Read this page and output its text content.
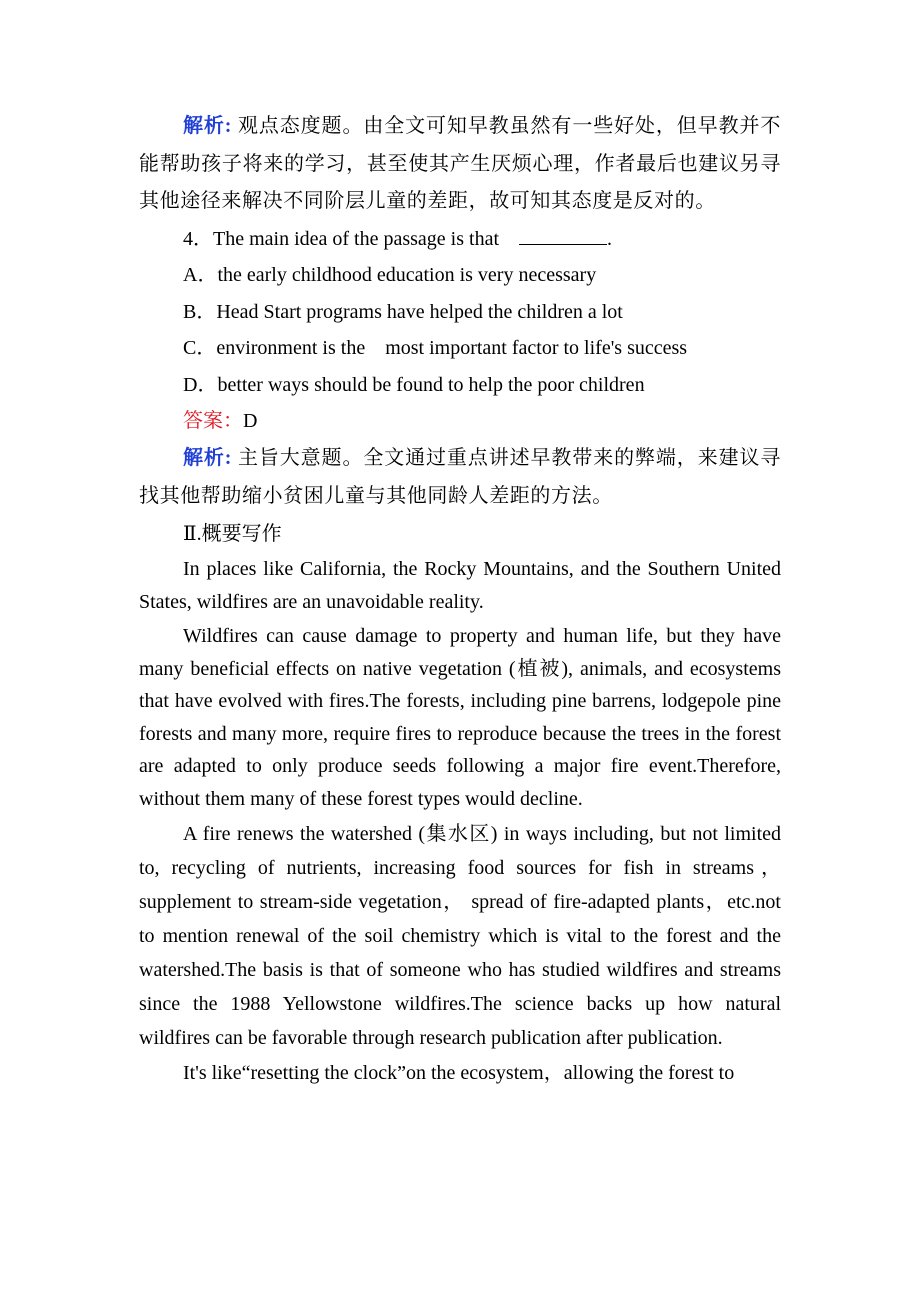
解析: 观点态度题。由全文可知早教虽然有一些好处，但早教并不能帮助孩子将来的学习，甚至使其产生厌烦心理，作者最后也建议另寻其他途径来解决不同阶层儿童的差距，故可知其态度是反对的。

4．The main idea of the passage is that	.

A．the early childhood education is very necessary

B．Head Start programs have helped the children a lot

C．environment is the　most important factor to life's success

D．better ways should be found to help the poor children

答案：D

解析: 主旨大意题。全文通过重点讲述早教带来的弊端，来建议寻找其他帮助缩小贫困儿童与其他同龄人差距的方法。

Ⅱ.概要写作

In places like California, the Rocky Mountains, and the Southern United States, wildfires are an unavoidable reality.

Wildfires can cause damage to property and human life, but they have many beneficial effects on native vegetation (植被), animals, and ecosystems that have evolved with fires.The forests, including pine barrens, lodgepole pine forests and many more, require fires to reproduce because the trees in the forest are adapted to only produce seeds following a major fire event.Therefore, without them many of these forest types would decline.

A fire renews the watershed (集水区) in ways including, but not limited to, recycling of nutrients, increasing food sources for fish in streams， supplement to stream-side vegetation， spread of fire-adapted plants，etc.not to mention renewal of the soil chemistry which is vital to the forest and the watershed.The basis is that of someone who has studied wildfires and streams since the 1988 Yellowstone wildfires.The science backs up how natural wildfires can be favorable through research publication after publication.

It's like“resetting the clock”on the ecosystem，allowing the forest to
